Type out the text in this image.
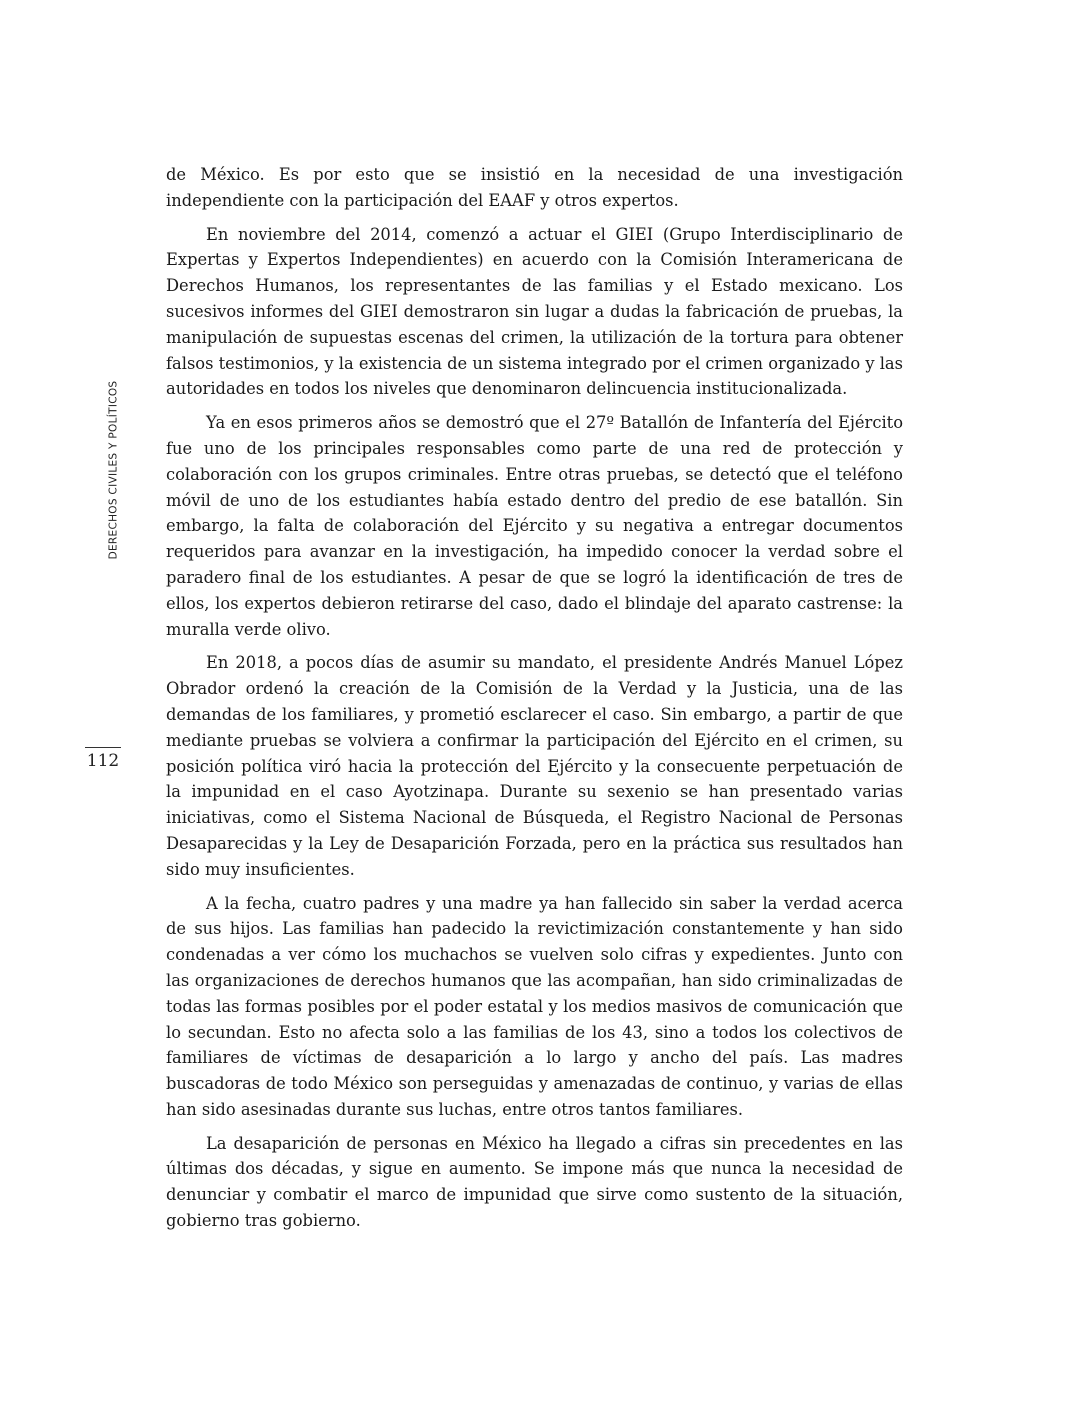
DERECHOS CIVILES Y POLÍTICOS
112

de México. Es por esto que se insistió en la necesidad de una investigación independiente con la participación del EAAF y otros expertos.

En noviembre del 2014, comenzó a actuar el GIEI (Grupo Interdisciplinario de Expertas y Expertos Independientes) en acuerdo con la Comisión Interamericana de Derechos Humanos, los representantes de las familias y el Estado mexicano. Los sucesivos informes del GIEI demostraron sin lugar a dudas la fabricación de pruebas, la manipulación de supuestas escenas del crimen, la utilización de la tortura para obtener falsos testimonios, y la existencia de un sistema integrado por el crimen organizado y las autoridades en todos los niveles que denominaron delincuencia institucionalizada.

Ya en esos primeros años se demostró que el 27º Batallón de Infantería del Ejército fue uno de los principales responsables como parte de una red de protección y colaboración con los grupos criminales. Entre otras pruebas, se detectó que el teléfono móvil de uno de los estudiantes había estado dentro del predio de ese batallón. Sin embargo, la falta de colaboración del Ejército y su negativa a entregar documentos requeridos para avanzar en la investigación, ha impedido conocer la verdad sobre el paradero final de los estudiantes. A pesar de que se logró la identificación de tres de ellos, los expertos debieron retirarse del caso, dado el blindaje del aparato castrense: la muralla verde olivo.

En 2018, a pocos días de asumir su mandato, el presidente Andrés Manuel López Obrador ordenó la creación de la Comisión de la Verdad y la Justicia, una de las demandas de los familiares, y prometió esclarecer el caso. Sin embargo, a partir de que mediante pruebas se volviera a confirmar la participación del Ejército en el crimen, su posición política viró hacia la protección del Ejército y la consecuente perpetuación de la impunidad en el caso Ayotzinapa. Durante su sexenio se han presentado varias iniciativas, como el Sistema Nacional de Búsqueda, el Registro Nacional de Personas Desaparecidas y la Ley de Desaparición Forzada, pero en la práctica sus resultados han sido muy insuficientes.

A la fecha, cuatro padres y una madre ya han fallecido sin saber la verdad acerca de sus hijos. Las familias han padecido la revictimización constantemente y han sido condenadas a ver cómo los muchachos se vuelven solo cifras y expedientes. Junto con las organizaciones de derechos humanos que las acompañan, han sido criminalizadas de todas las formas posibles por el poder estatal y los medios masivos de comunicación que lo secundan. Esto no afecta solo a las familias de los 43, sino a todos los colectivos de familiares de víctimas de desaparición a lo largo y ancho del país. Las madres buscadoras de todo México son perseguidas y amenazadas de continuo, y varias de ellas han sido asesinadas durante sus luchas, entre otros tantos familiares.

La desaparición de personas en México ha llegado a cifras sin precedentes en las últimas dos décadas, y sigue en aumento. Se impone más que nunca la necesidad de denunciar y combatir el marco de impunidad que sirve como sustento de la situación, gobierno tras gobierno.
